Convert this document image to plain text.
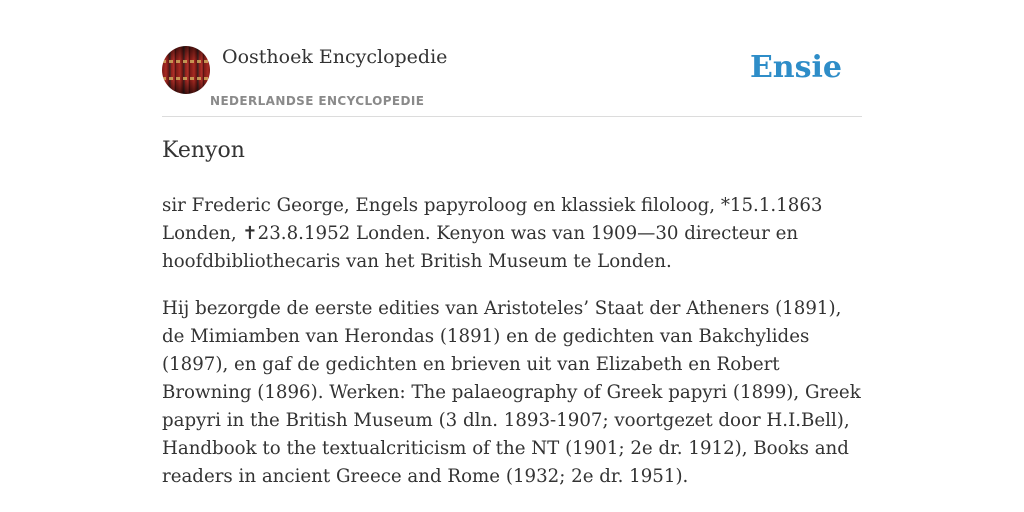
Oosthoek Encyclopedie
NEDERLANDSE ENCYCLOPEDIE
Ensie
Kenyon

sir Frederic George, Engels papyroloog en klassiek filoloog, *15.1.1863 Londen, ✝23.8.1952 Londen. Kenyon was van 1909—30 directeur en hoofdbibliothecaris van het British Museum te Londen.

Hij bezorgde de eerste edities van Aristoteles’ Staat der Atheners (1891), de Mimiamben van Herondas (1891) en de gedichten van Bakchylides (1897), en gaf de gedichten en brieven uit van Elizabeth en Robert Browning (1896). Werken: The palaeography of Greek papyri (1899), Greek papyri in the British Museum (3 dln. 1893-1907; voortgezet door H.I.Bell), Handbook to the textualcriticism of the NT (1901; 2e dr. 1912), Books and readers in ancient Greece and Rome (1932; 2e dr. 1951).
